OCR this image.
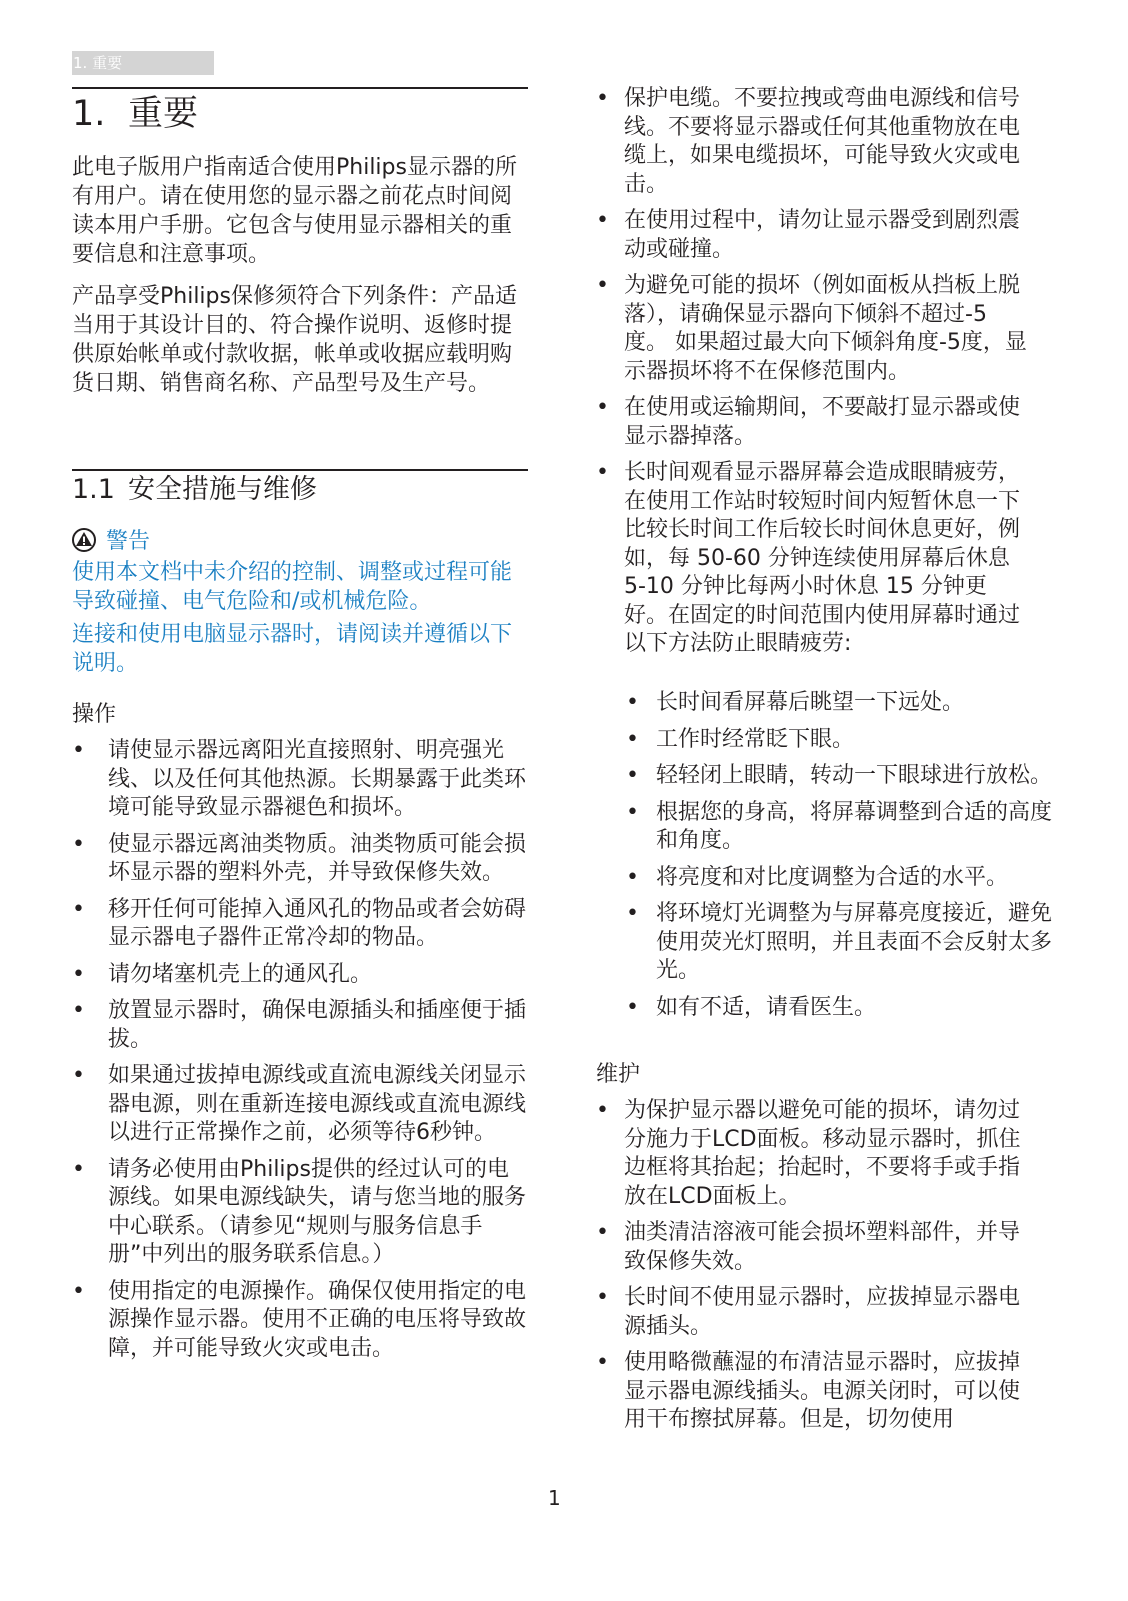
1. 重要
1. 重要

此电子版用户指南适合使用Philips显示器的所有用户。请在使用您的显示器之前花点时间阅读本用户手册。它包含与使用显示器相关的重要信息和注意事项。

产品享受Philips保修须符合下列条件：产品适当用于其设计目的、符合操作说明、返修时提供原始帐单或付款收据，帐单或收据应载明购货日期、销售商名称、产品型号及生产号。

1.1 安全措施与维修
警告

使用本文档中未介绍的控制、调整或过程可能导致碰撞、电气危险和/或机械危险。

连接和使用电脑显示器时，请阅读并遵循以下说明。

操作
•	请使显示器远离阳光直接照射、明亮强光线、以及任何其他热源。长期暴露于此类环境可能导致显示器褪色和损坏。
•	使显示器远离油类物质。油类物质可能会损坏显示器的塑料外壳，并导致保修失效。
•	移开任何可能掉入通风孔的物品或者会妨碍显示器电子器件正常冷却的物品。
•	请勿堵塞机壳上的通风孔。
•	放置显示器时，确保电源插头和插座便于插拔。
•	如果通过拔掉电源线或直流电源线关闭显示器电源，则在重新连接电源线或直流电源线以进行正常操作之前，必须等待6秒钟。
•	请务必使用由Philips提供的经过认可的电源线。如果电源线缺失，请与您当地的服务中心联系。（请参见“规则与服务信息手册”中列出的服务联系信息。）
•	使用指定的电源操作。确保仅使用指定的电源操作显示器。使用不正确的电压将导致故障，并可能导致火灾或电击。
• 保护电缆。不要拉拽或弯曲电源线和信号线。不要将显示器或任何其他重物放在电缆上，如果电缆损坏，可能导致火灾或电击。
• 在使用过程中，请勿让显示器受到剧烈震动或碰撞。
• 为避免可能的损坏（例如面板从挡板上脱落），请确保显示器向下倾斜不超过-5度。 如果超过最大向下倾斜角度-5度，显示器损坏将不在保修范围内。
• 在使用或运输期间，不要敲打显示器或使显示器掉落。
• 长时间观看显示器屏幕会造成眼睛疲劳，在使用工作站时较短时间内短暂休息一下比较长时间工作后较长时间休息更好，例如，每 50-60 分钟连续使用屏幕后休息 5-10 分钟比每两小时休息 15 分钟更好。在固定的时间范围内使用屏幕时通过以下方法防止眼睛疲劳:
• 长时间看屏幕后眺望一下远处。
• 工作时经常眨下眼。
• 轻轻闭上眼睛，转动一下眼球进行放松。
• 根据您的身高，将屏幕调整到合适的高度和角度。
• 将亮度和对比度调整为合适的水平。
• 将环境灯光调整为与屏幕亮度接近，避免使用荧光灯照明，并且表面不会反射太多光。
• 如有不适，请看医生。
维护
• 为保护显示器以避免可能的损坏，请勿过分施力于LCD面板。移动显示器时，抓住边框将其抬起；抬起时，不要将手或手指放在LCD面板上。
• 油类清洁溶液可能会损坏塑料部件，并导致保修失效。
• 长时间不使用显示器时，应拔掉显示器电源插头。
• 使用略微蘸湿的布清洁显示器时，应拔掉显示器电源线插头。电源关闭时，可以使用干布擦拭屏幕。但是，切勿使用
1
